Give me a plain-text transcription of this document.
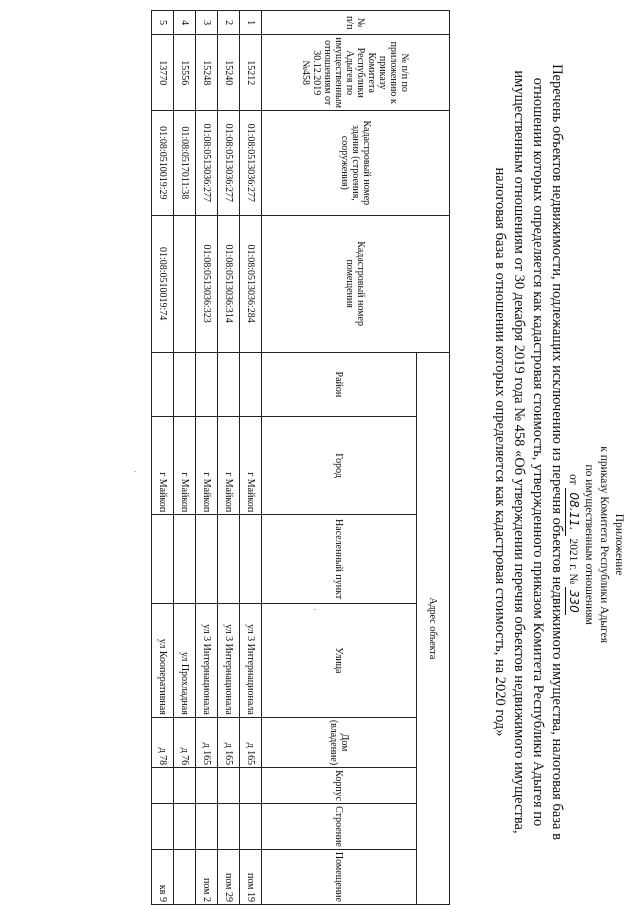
Приложение
к приказу Комитета Республики Адыгея
по имущественным отношениям
от 08.11. 2021 г. № 330
Перечень объектов недвижимости, подлежащих исключению из перечня объектов недвижимого имущества, налоговая база в отношении которых определяется как кадастровая стоимость, утвержденного приказом Комитета Республики Адыгея по имущественным отношениям от 30 декабря 2019 года № 458 «Об утверждении перечня объектов недвижимого имущества, налоговая база в отношении которых определяется как кадастровая стоимость, на 2020 год»
№ п/п	№ п/п по приложению к приказу Комитета Республики Адыгея по имущественным отношениям от 30.12.2019 №458	Кадастровый номер здания (строения, сооружения)	Кадастровый номер помещения	Адрес объекта							
				Район	Город	Населенный пункт	Улица	Дом (владение)	Корпус	Строение	Помещение
1	15212	01:08:0513036:277	01:08:0513036:284		г Майкоп		ул 3 Интернационала	д 165			пом 19
2	15240	01:08:0513036:277	01:08:0513036:314		г Майкоп		ул 3 Интернационала	д 165			пом 29
3	15248	01:08:0513036:277	01:08:0513036:323		г Майкоп		ул 3 Интернационала	д 165			пом 2
4	15556	01:08:0517011:38			г Майкоп		ул Прохладная	д 76			
5	13770	01:08:0510019:29	01:08:0510019:74		г Майкоп		ул Кооперативная	д 78			кв 9
·
·
